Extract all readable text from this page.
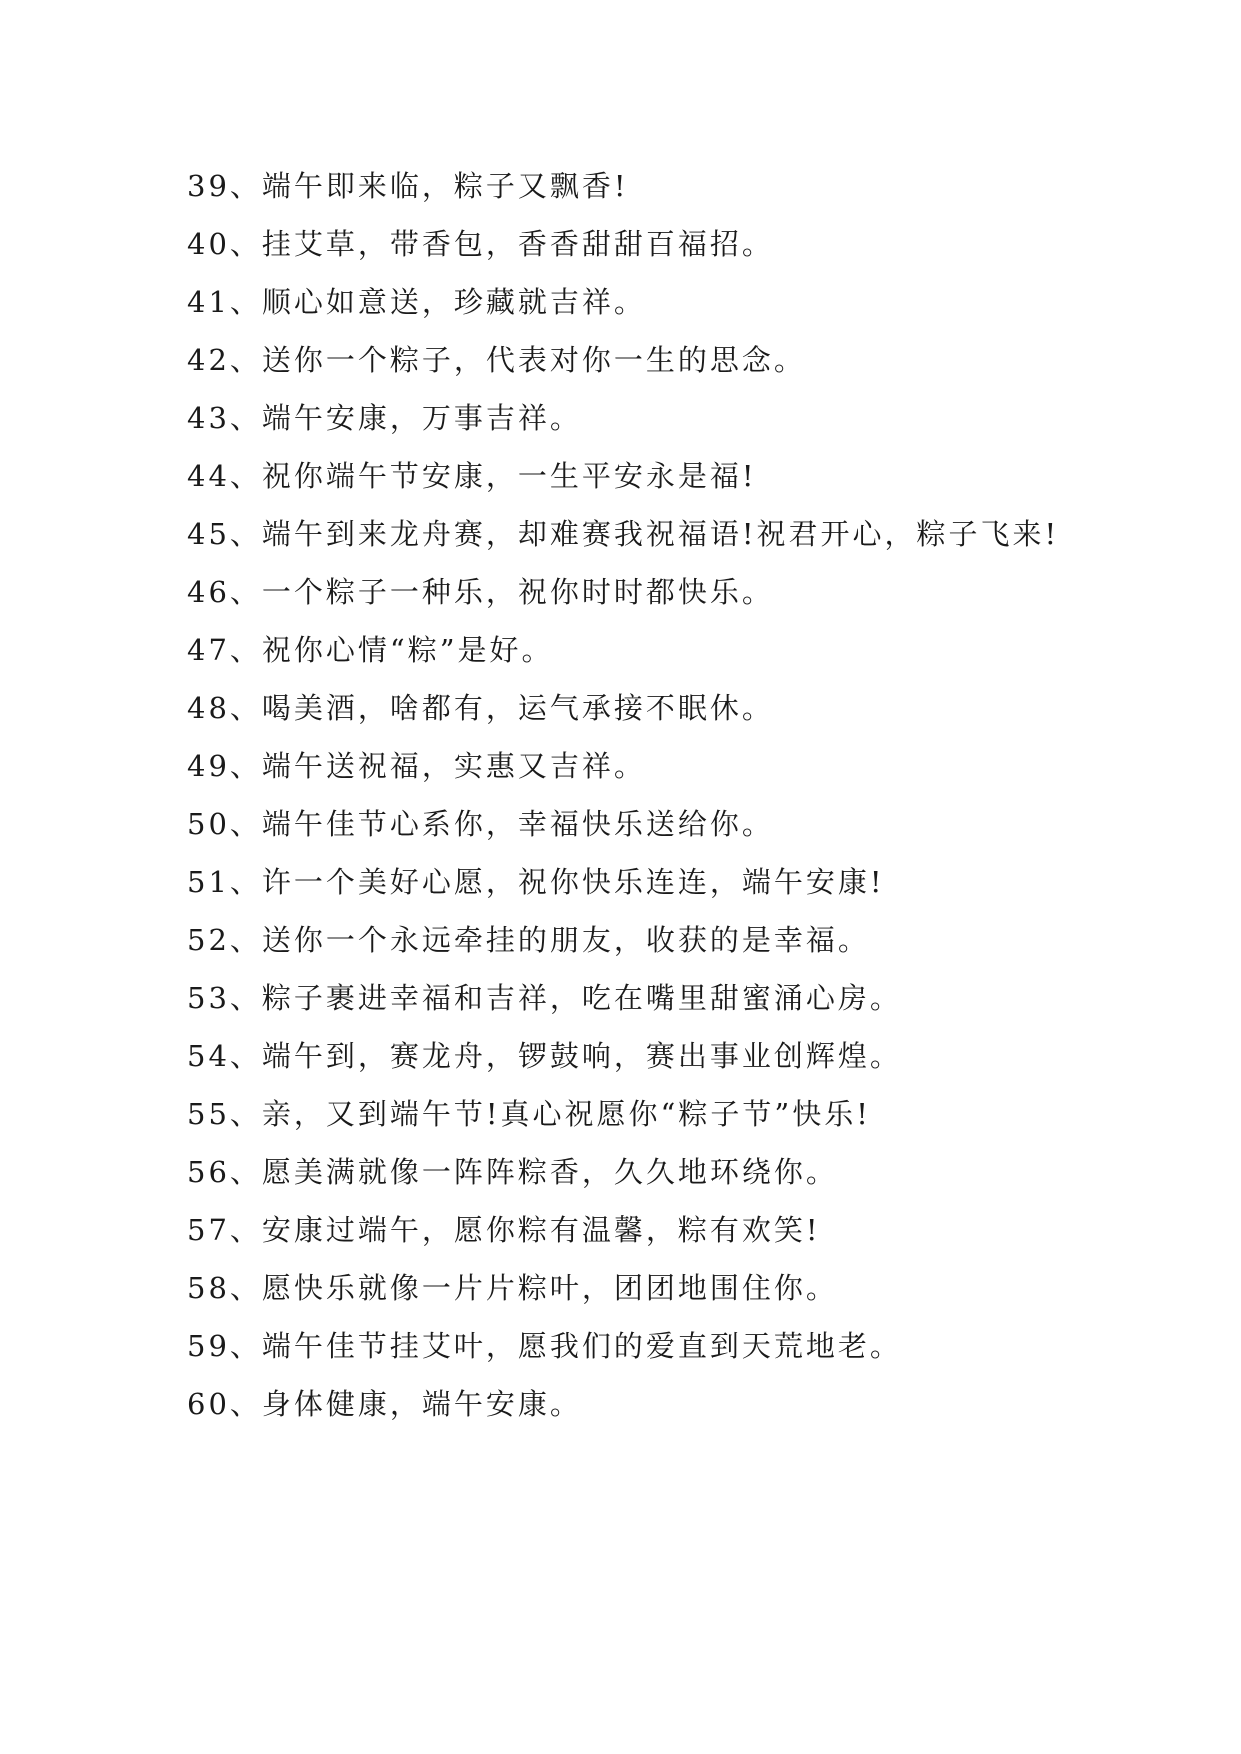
39、端午即来临，粽子又飘香!

40、挂艾草，带香包，香香甜甜百福招。

41、顺心如意送，珍藏就吉祥。

42、送你一个粽子，代表对你一生的思念。

43、端午安康，万事吉祥。

44、祝你端午节安康，一生平安永是福!

45、端午到来龙舟赛，却难赛我祝福语!祝君开心，粽子飞来!

46、一个粽子一种乐，祝你时时都快乐。

47、祝你心情“粽”是好。

48、喝美酒，啥都有，运气承接不眠休。

49、端午送祝福，实惠又吉祥。

50、端午佳节心系你，幸福快乐送给你。

51、许一个美好心愿，祝你快乐连连，端午安康!

52、送你一个永远牵挂的朋友，收获的是幸福。

53、粽子裹进幸福和吉祥，吃在嘴里甜蜜涌心房。

54、端午到，赛龙舟，锣鼓响，赛出事业创辉煌。

55、亲，又到端午节!真心祝愿你“粽子节”快乐!

56、愿美满就像一阵阵粽香，久久地环绕你。

57、安康过端午，愿你粽有温馨，粽有欢笑!

58、愿快乐就像一片片粽叶，团团地围住你。

59、端午佳节挂艾叶，愿我们的爱直到天荒地老。

60、身体健康，端午安康。
